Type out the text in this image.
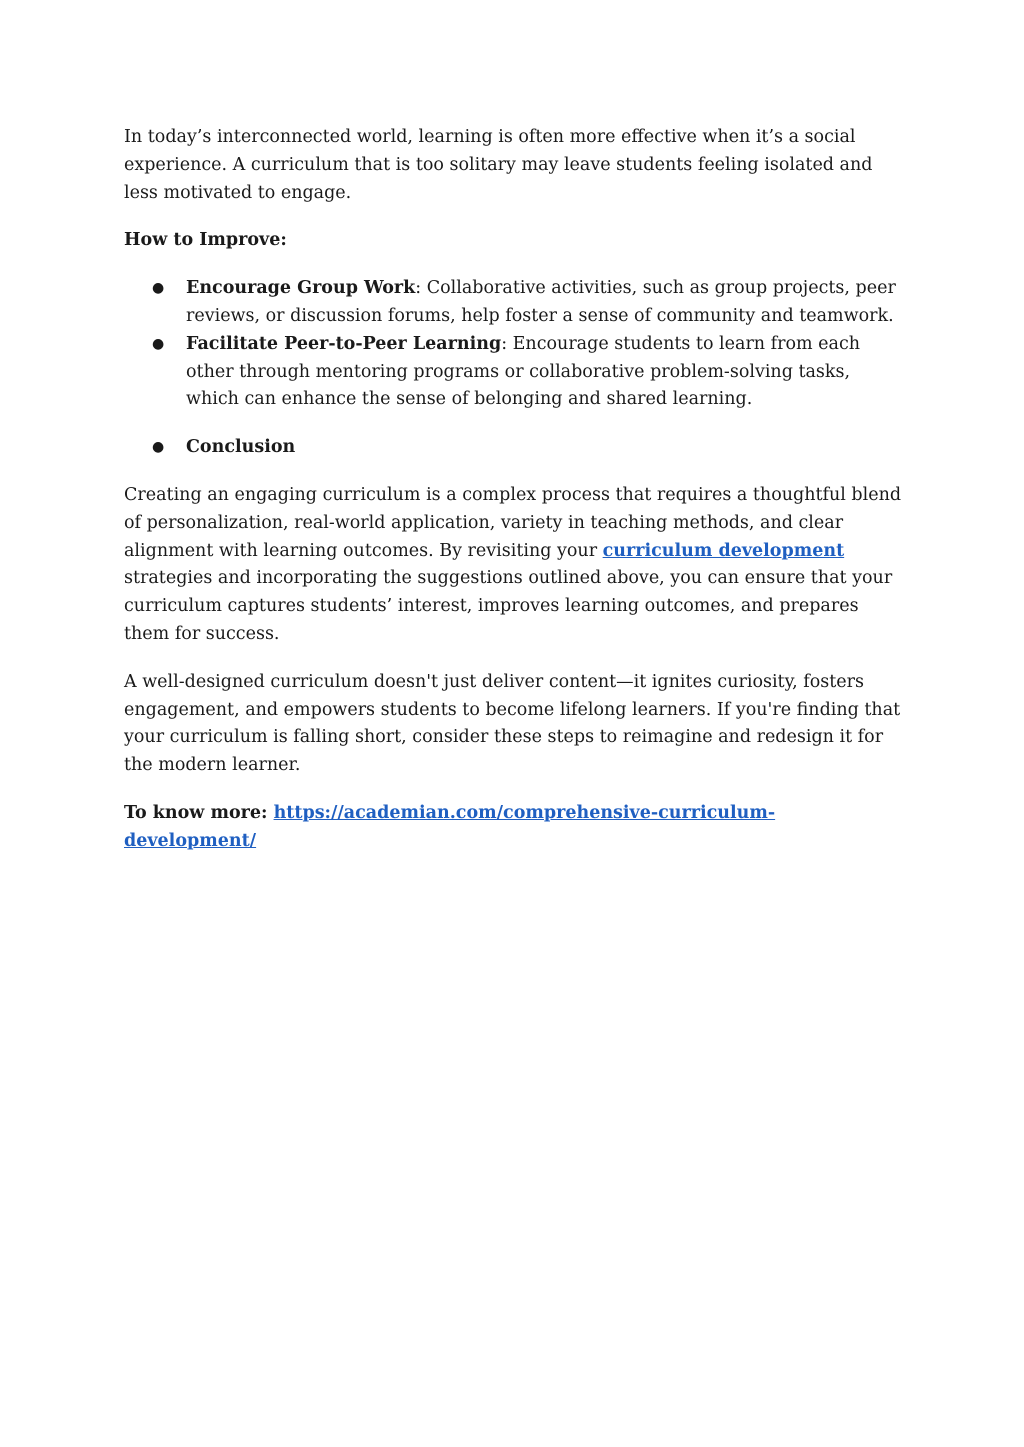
In today’s interconnected world, learning is often more effective when it’s a social experience. A curriculum that is too solitary may leave students feeling isolated and less motivated to engage.

How to Improve:

● Encourage Group Work: Collaborative activities, such as group projects, peer reviews, or discussion forums, help foster a sense of community and teamwork.
● Facilitate Peer-to-Peer Learning: Encourage students to learn from each other through mentoring programs or collaborative problem-solving tasks, which can enhance the sense of belonging and shared learning.
● Conclusion

Creating an engaging curriculum is a complex process that requires a thoughtful blend of personalization, real-world application, variety in teaching methods, and clear alignment with learning outcomes. By revisiting your curriculum development strategies and incorporating the suggestions outlined above, you can ensure that your curriculum captures students’ interest, improves learning outcomes, and prepares them for success.

A well-designed curriculum doesn't just deliver content—it ignites curiosity, fosters engagement, and empowers students to become lifelong learners. If you're finding that your curriculum is falling short, consider these steps to reimagine and redesign it for the modern learner.

To know more: https://academian.com/comprehensive-curriculum-development/
